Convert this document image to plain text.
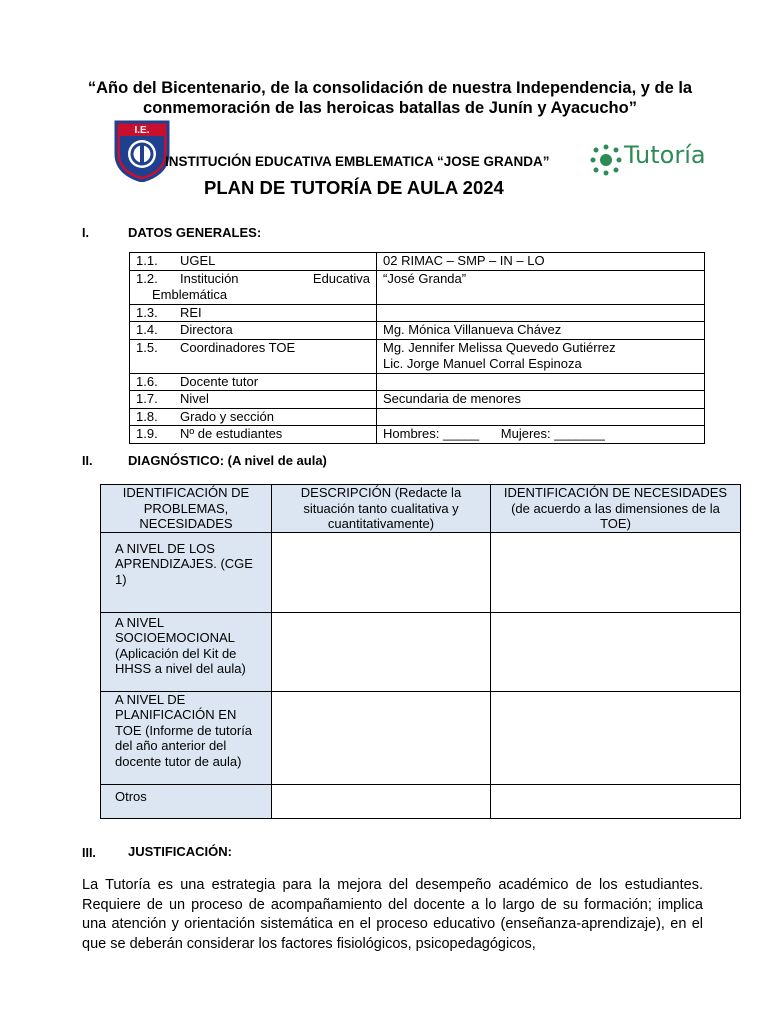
“Año del Bicentenario, de la consolidación de nuestra Independencia, y de la conmemoración de las heroicas batallas de Junín y Ayacucho”
I.E.
INSTITUCIÓN EDUCATIVA EMBLEMATICA “JOSE GRANDA”	Tutoría
PLAN DE TUTORÍA DE AULA 2024
I.	DATOS GENERALES:
1.1. UGEL	02 RIMAC – SMP – IN – LO

1.2. Institución Educativa
Emblemática	“José Granda”
1.3. REI	
1.4. Directora	Mg. Mónica Villanueva Chávez
1.5. Coordinadores TOE	Mg. Jennifer Melissa Quevedo Gutiérrez
Lic. Jorge Manuel Corral Espinoza

1.6. Docente tutor	
1.7. Nivel	Secundaria de menores
1.8. Grado y sección	
1.9. Nº de estudiantes	Hombres: _____      Mujeres: _______
II.	DIAGNÓSTICO: (A nivel de aula)
IDENTIFICACIÓN DE PROBLEMAS, NECESIDADES	DESCRIPCIÓN (Redacte la situación tanto cualitativa y cuantitativamente)	IDENTIFICACIÓN DE NECESIDADES (de acuerdo a las dimensiones de la TOE)
A NIVEL DE LOS APRENDIZAJES. (CGE 1)		
A NIVEL SOCIOEMOCIONAL (Aplicación del Kit de HHSS a nivel del aula)		
A NIVEL DE PLANIFICACIÓN EN TOE (Informe de tutoría del año anterior del docente tutor de aula)		
Otros		
III. JUSTIFICACIÓN:
La Tutoría es una estrategia para la mejora del desempeño académico de los estudiantes. Requiere de un proceso de acompañamiento del docente a lo largo de su formación; implica una atención y orientación sistemática en el proceso educativo (enseñanza-aprendizaje), en el que se deberán considerar los factores fisiológicos, psicopedagógicos,
